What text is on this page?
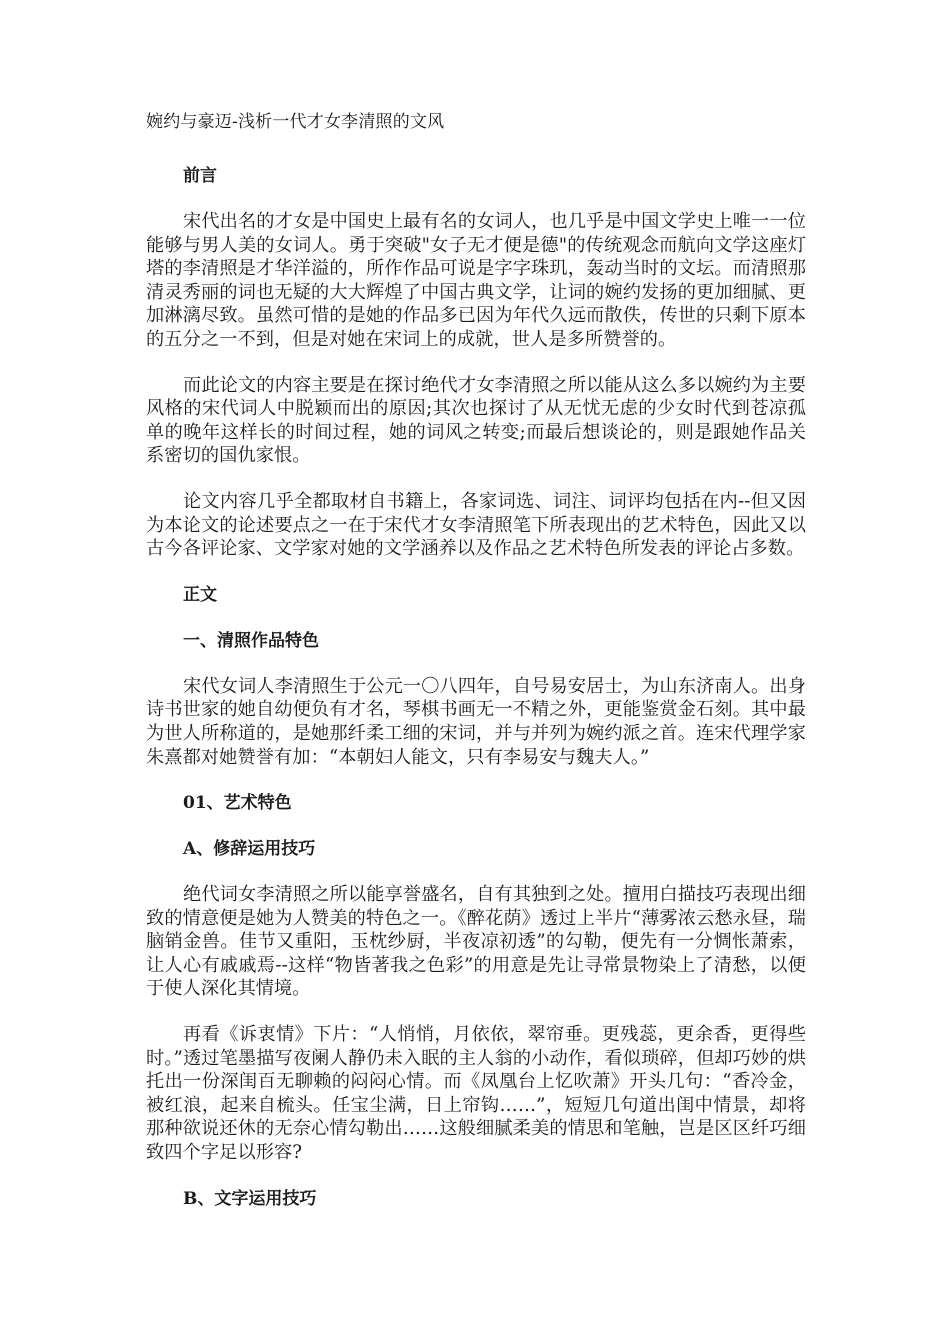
婉约与豪迈-浅析一代才女李清照的文风
前言

宋代出名的才女是中国史上最有名的女词人，也几乎是中国文学史上唯一一位能够与男人美的女词人。勇于突破"女子无才便是德"的传统观念而航向文学这座灯塔的李清照是才华洋溢的，所作作品可说是字字珠玑，轰动当时的文坛。而清照那清灵秀丽的词也无疑的大大辉煌了中国古典文学，让词的婉约发扬的更加细腻、更加淋漓尽致。虽然可惜的是她的作品多已因为年代久远而散佚，传世的只剩下原本的五分之一不到，但是对她在宋词上的成就，世人是多所赞誉的。

而此论文的内容主要是在探讨绝代才女李清照之所以能从这么多以婉约为主要风格的宋代词人中脱颖而出的原因;其次也探讨了从无忧无虑的少女时代到苍凉孤单的晚年这样长的时间过程，她的词风之转变;而最后想谈论的，则是跟她作品关系密切的国仇家恨。

论文内容几乎全都取材自书籍上，各家词选、词注、词评均包括在内--但又因为本论文的论述要点之一在于宋代才女李清照笔下所表现出的艺术特色，因此又以古今各评论家、文学家对她的文学涵养以及作品之艺术特色所发表的评论占多数。

正文
一、清照作品特色

宋代女词人李清照生于公元一〇八四年，自号易安居士，为山东济南人。出身诗书世家的她自幼便负有才名，琴棋书画无一不精之外，更能鉴赏金石刻。其中最为世人所称道的，是她那纤柔工细的宋词，并与并列为婉约派之首。连宋代理学家朱熹都对她赞誉有加：“本朝妇人能文，只有李易安与魏夫人。”

01、艺术特色
A、修辞运用技巧

绝代词女李清照之所以能享誉盛名，自有其独到之处。擅用白描技巧表现出细致的情意便是她为人赞美的特色之一。《醉花荫》透过上半片“薄雾浓云愁永昼，瑞脑销金兽。佳节又重阳，玉枕纱厨，半夜凉初透”的勾勒，便先有一分惆怅萧索，让人心有戚戚焉--这样“物皆著我之色彩”的用意是先让寻常景物染上了清愁，以便于使人深化其情境。

再看《诉衷情》下片：“人悄悄，月依依，翠帘垂。更残蕊，更余香，更得些时。”透过笔墨描写夜阑人静仍未入眠的主人翁的小动作，看似琐碎，但却巧妙的烘托出一份深闺百无聊赖的闷闷心情。而《凤凰台上忆吹萧》开头几句：“香冷金，被红浪，起来自梳头。任宝尘满，日上帘钩……”，短短几句道出闺中情景，却将那种欲说还休的无奈心情勾勒出……这般细腻柔美的情思和笔触，岂是区区纤巧细致四个字足以形容?

B、文字运用技巧
